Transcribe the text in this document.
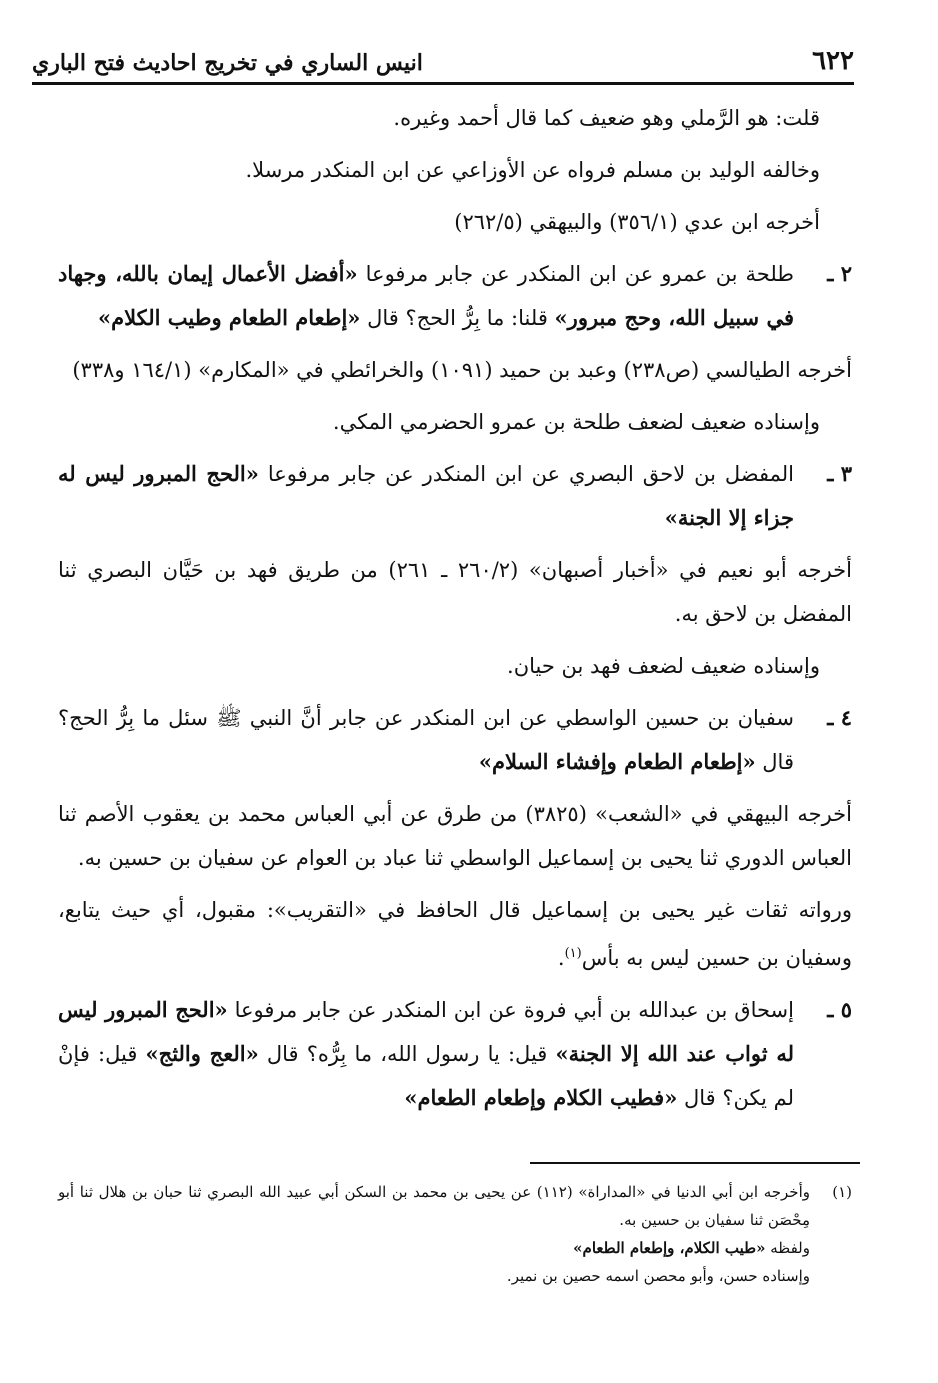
٦٢٢
انيس الساري في تخريج احاديث فتح الباري

قلت: هو الرَّملي وهو ضعيف كما قال أحمد وغيره.

وخالفه الوليد بن مسلم فرواه عن الأوزاعي عن ابن المنكدر مرسلا.

أخرجه ابن عدي (٣٥٦/١) والبيهقي (٢٦٢/٥)

٢ ـ
طلحة بن عمرو عن ابن المنكدر عن جابر مرفوعا «أفضل الأعمال إيمان بالله، وجهاد في سبيل الله، وحج مبرور» قلنا: ما بِرُّ الحج؟ قال «إطعام الطعام وطيب الكلام»

أخرجه الطيالسي (ص٢٣٨) وعبد بن حميد (١٠٩١) والخرائطي في «المكارم» (١٦٤/١ و٣٣٨)

وإسناده ضعيف لضعف طلحة بن عمرو الحضرمي المكي.

٣ ـ
المفضل بن لاحق البصري عن ابن المنكدر عن جابر مرفوعا «الحج المبرور ليس له جزاء إلا الجنة»

أخرجه أبو نعيم في «أخبار أصبهان» (٢٦٠/٢ ـ ٢٦١) من طريق فهد بن حَيَّان البصري ثنا المفضل بن لاحق به.

وإسناده ضعيف لضعف فهد بن حيان.

٤ ـ
سفيان بن حسين الواسطي عن ابن المنكدر عن جابر أنَّ النبي ﷺ سئل ما بِرُّ الحج؟ قال «إطعام الطعام وإفشاء السلام»

أخرجه البيهقي في «الشعب» (٣٨٢٥) من طرق عن أبي العباس محمد بن يعقوب الأصم ثنا العباس الدوري ثنا يحيى بن إسماعيل الواسطي ثنا عباد بن العوام عن سفيان بن حسين به.

ورواته ثقات غير يحيى بن إسماعيل قال الحافظ في «التقريب»: مقبول، أي حيث يتابع، وسفيان بن حسين ليس به بأس$^{(١)}$.

٥ ـ
إسحاق بن عبدالله بن أبي فروة عن ابن المنكدر عن جابر مرفوعا «الحج المبرور ليس له ثواب عند الله إلا الجنة» قيل: يا رسول الله، ما بِرُّه؟ قال «العج والثج» قيل: فإنْ لم يكن؟ قال «فطيب الكلام وإطعام الطعام»

(١)
وأخرجه ابن أبي الدنيا في «المداراة» (١١٢) عن يحيى بن محمد بن السكن أبي عبيد الله البصري ثنا حبان بن هلال ثنا أبو مِحْصَن ثنا سفيان بن حسين به.

ولفظه «طيب الكلام، وإطعام الطعام»

وإسناده حسن، وأبو محصن اسمه حصين بن نمير.
